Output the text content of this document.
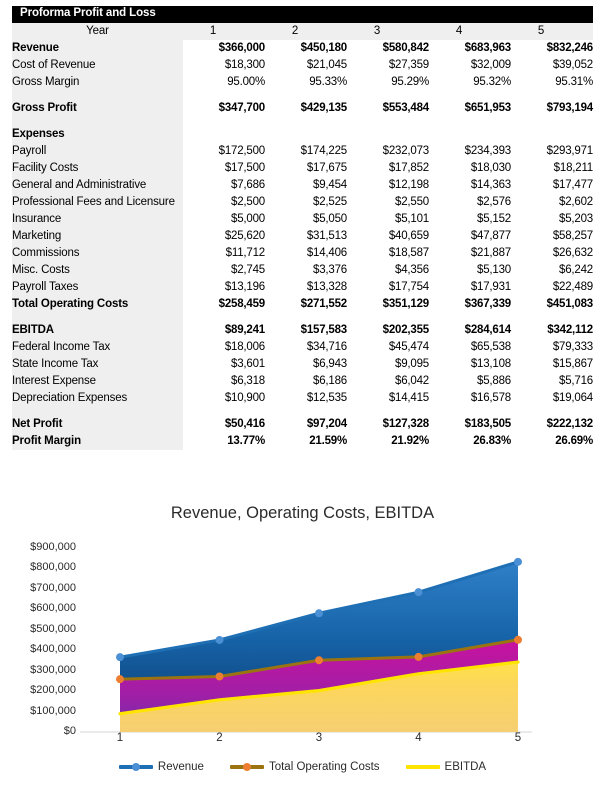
Proforma Profit and Loss
Year	1	2	3	4	5
Revenue	$366,000	$450,180	$580,842	$683,963	$832,246
Cost of Revenue	$18,300	$21,045	$27,359	$32,009	$39,052
Gross Margin	95.00%	95.33%	95.29%	95.32%	95.31%

Gross Profit	$347,700	$429,135	$553,484	$651,953	$793,194

Expenses					
Payroll	$172,500	$174,225	$232,073	$234,393	$293,971
Facility Costs	$17,500	$17,675	$17,852	$18,030	$18,211
General and Administrative	$7,686	$9,454	$12,198	$14,363	$17,477
Professional Fees and Licensure	$2,500	$2,525	$2,550	$2,576	$2,602
Insurance	$5,000	$5,050	$5,101	$5,152	$5,203
Marketing	$25,620	$31,513	$40,659	$47,877	$58,257
Commissions	$11,712	$14,406	$18,587	$21,887	$26,632
Misc. Costs	$2,745	$3,376	$4,356	$5,130	$6,242
Payroll Taxes	$13,196	$13,328	$17,754	$17,931	$22,489
Total Operating Costs	$258,459	$271,552	$351,129	$367,339	$451,083

EBITDA	$89,241	$157,583	$202,355	$284,614	$342,112
Federal Income Tax	$18,006	$34,716	$45,474	$65,538	$79,333
State Income Tax	$3,601	$6,943	$9,095	$13,108	$15,867
Interest Expense	$6,318	$6,186	$6,042	$5,886	$5,716
Depreciation Expenses	$10,900	$12,535	$14,415	$16,578	$19,064

Net Profit	$50,416	$97,204	$127,328	$183,505	$222,132
Profit Margin	13.77%	21.59%	21.92%	26.83%	26.69%
Revenue, Operating Costs, EBITDA
$0
$100,000
$200,000
$300,000
$400,000
$500,000
$600,000
$700,000
$800,000
$900,000
1	2	3	4	5
Revenue	Total Operating Costs	EBITDA
